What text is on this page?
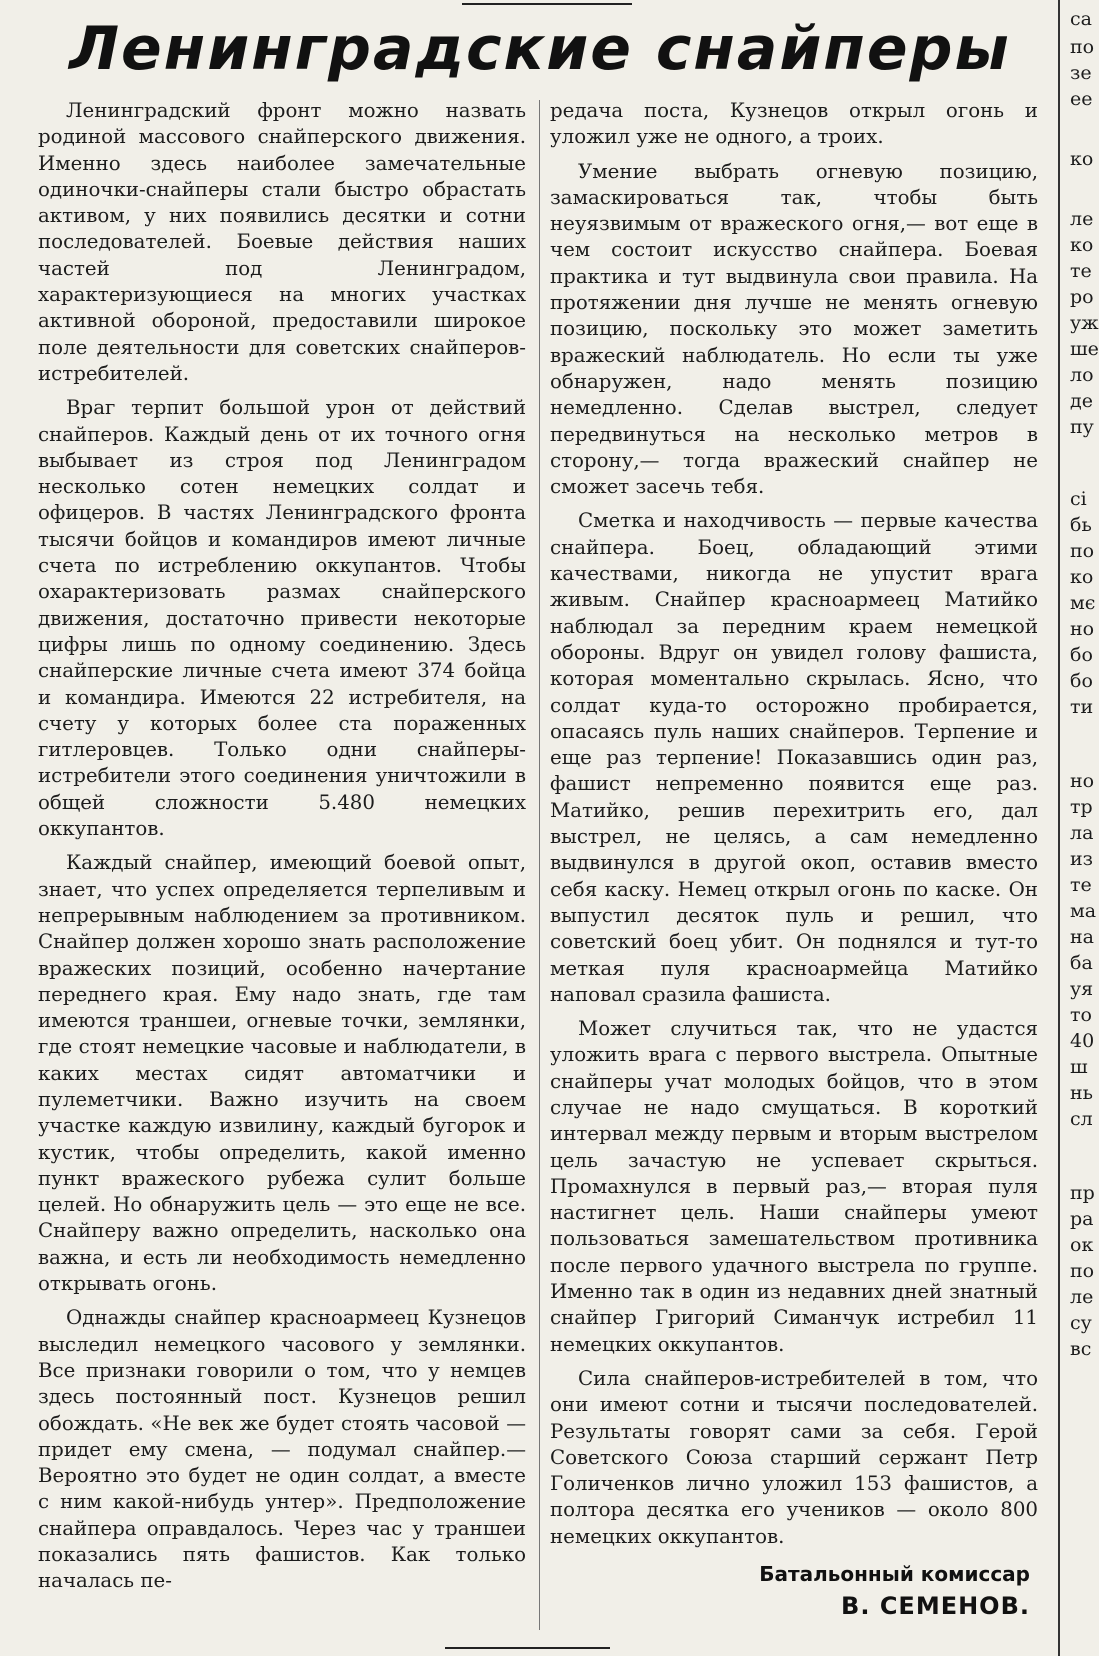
Ленинградские снайперы

Ленинградский фронт можно назвать родиной массового снайперского движения. Именно здесь наиболее замечательные одиночки-снайперы стали быстро обрастать активом, у них появились десятки и сотни последователей. Боевые действия наших частей под Ленинградом, характеризующиеся на многих участках активной обороной, предоставили широкое поле деятельности для советских снайперов-истребителей.

Враг терпит большой урон от действий снайперов. Каждый день от их точного огня выбывает из строя под Ленинградом несколько сотен немецких солдат и офицеров. В частях Ленинградского фронта тысячи бойцов и командиров имеют личные счета по истреблению оккупантов. Чтобы охарактеризовать размах снайперского движения, достаточно привести некоторые цифры лишь по одному соединению. Здесь снайперские личные счета имеют 374 бойца и командира. Имеются 22 истребителя, на счету у которых более ста пораженных гитлеровцев. Только одни снайперы-истребители этого соединения уничтожили в общей сложности 5.480 немецких оккупантов.

Каждый снайпер, имеющий боевой опыт, знает, что успех определяется терпеливым и непрерывным наблюдением за противником. Снайпер должен хорошо знать расположение вражеских позиций, особенно начертание переднего края. Ему надо знать, где там имеются траншеи, огневые точки, землянки, где стоят немецкие часовые и наблюдатели, в каких местах сидят автоматчики и пулеметчики. Важно изучить на своем участке каждую извилину, каждый бугорок и кустик, чтобы определить, какой именно пункт вражеского рубежа сулит больше целей. Но обнаружить цель — это еще не все. Снайперу важно определить, насколько она важна, и есть ли необходимость немедленно открывать огонь.

Однажды снайпер красноармеец Кузнецов выследил немецкого часового у землянки. Все признаки говорили о том, что у немцев здесь постоянный пост. Кузнецов решил обождать. «Не век же будет стоять часовой — придет ему смена, — подумал снайпер.— Вероятно это будет не один солдат, а вместе с ним какой-нибудь унтер». Предположение снайпера оправдалось. Через час у траншеи показались пять фашистов. Как только началась пе-

редача поста, Кузнецов открыл огонь и уложил уже не одного, а троих.

Умение выбрать огневую позицию, замаскироваться так, чтобы быть неуязвимым от вражеского огня,— вот еще в чем состоит искусство снайпера. Боевая практика и тут выдвинула свои правила. На протяжении дня лучше не менять огневую позицию, поскольку это может заметить вражеский наблюдатель. Но если ты уже обнаружен, надо менять позицию немедленно. Сделав выстрел, следует передвинуться на несколько метров в сторону,— тогда вражеский снайпер не сможет засечь тебя.

Сметка и находчивость — первые качества снайпера. Боец, обладающий этими качествами, никогда не упустит врага живым. Снайпер красноармеец Матийко наблюдал за передним краем немецкой обороны. Вдруг он увидел голову фашиста, которая моментально скрылась. Ясно, что солдат куда-то осторожно пробирается, опасаясь пуль наших снайперов. Терпение и еще раз терпение! Показавшись один раз, фашист непременно появится еще раз. Матийко, решив перехитрить его, дал выстрел, не целясь, а сам немедленно выдвинулся в другой окоп, оставив вместо себя каску. Немец открыл огонь по каске. Он выпустил десяток пуль и решил, что советский боец убит. Он поднялся и тут-то меткая пуля красноармейца Матийко наповал сразила фашиста.

Может случиться так, что не удастся уложить врага с первого выстрела. Опытные снайперы учат молодых бойцов, что в этом случае не надо смущаться. В короткий интервал между первым и вторым выстрелом цель зачастую не успевает скрыться. Промахнулся в первый раз,— вторая пуля настигнет цель. Наши снайперы умеют пользоваться замешательством противника после первого удачного выстрела по группе. Именно так в один из недавних дней знатный снайпер Григорий Симанчук истребил 11 немецких оккупантов.

Сила снайперов-истребителей в том, что они имеют сотни и тысячи последователей. Результаты говорят сами за себя. Герой Советского Союза старший сержант Петр Голиченков лично уложил 153 фашистов, а полтора десятка его учеников — около 800 немецких оккупантов.

Батальонный комиссар
В. СЕМЕНОВ.
са
по
зе
ее
ко
ле
ко
те
ро
уж
ше
ло
де
пу
сі
бь
по
ко
мє
но
бо
бо
ти
но
тр
ла
из
те
ма
на
ба
уя
то
40
ш
нь
сл
пр
ра
ок
по
ле
су
вс
